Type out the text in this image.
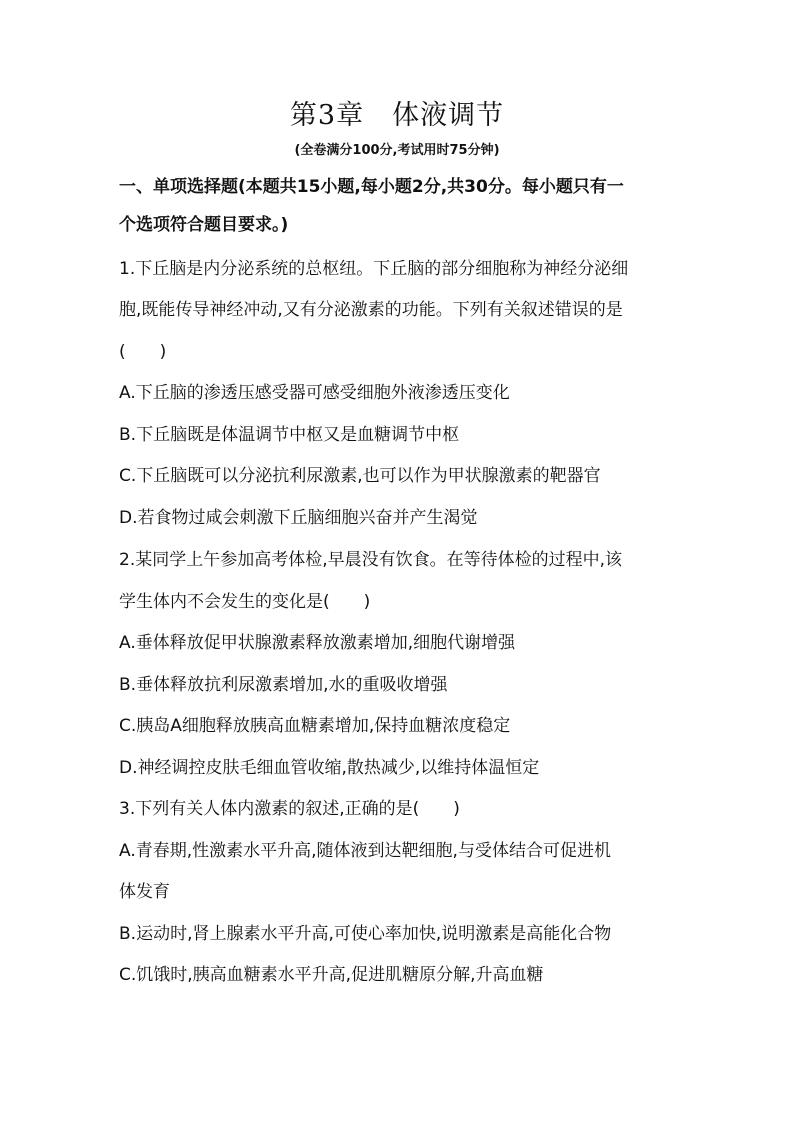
第3章　体液调节
(全卷满分100分,考试用时75分钟)
一、单项选择题(本题共15小题,每小题2分,共30分。每小题只有一
个选项符合题目要求。)
1.下丘脑是内分泌系统的总枢纽。下丘脑的部分细胞称为神经分泌细
胞,既能传导神经冲动,又有分泌激素的功能。下列有关叙述错误的是
( )
A.下丘脑的渗透压感受器可感受细胞外液渗透压变化
B.下丘脑既是体温调节中枢又是血糖调节中枢
C.下丘脑既可以分泌抗利尿激素,也可以作为甲状腺激素的靶器官
D.若食物过咸会刺激下丘脑细胞兴奋并产生渴觉
2.某同学上午参加高考体检,早晨没有饮食。在等待体检的过程中,该
学生体内不会发生的变化是( )
A.垂体释放促甲状腺激素释放激素增加,细胞代谢增强
B.垂体释放抗利尿激素增加,水的重吸收增强
C.胰岛A细胞释放胰高血糖素增加,保持血糖浓度稳定
D.神经调控皮肤毛细血管收缩,散热减少,以维持体温恒定
3.下列有关人体内激素的叙述,正确的是( )
A.青春期,性激素水平升高,随体液到达靶细胞,与受体结合可促进机
体发育
B.运动时,肾上腺素水平升高,可使心率加快,说明激素是高能化合物
C.饥饿时,胰高血糖素水平升高,促进肌糖原分解,升高血糖
